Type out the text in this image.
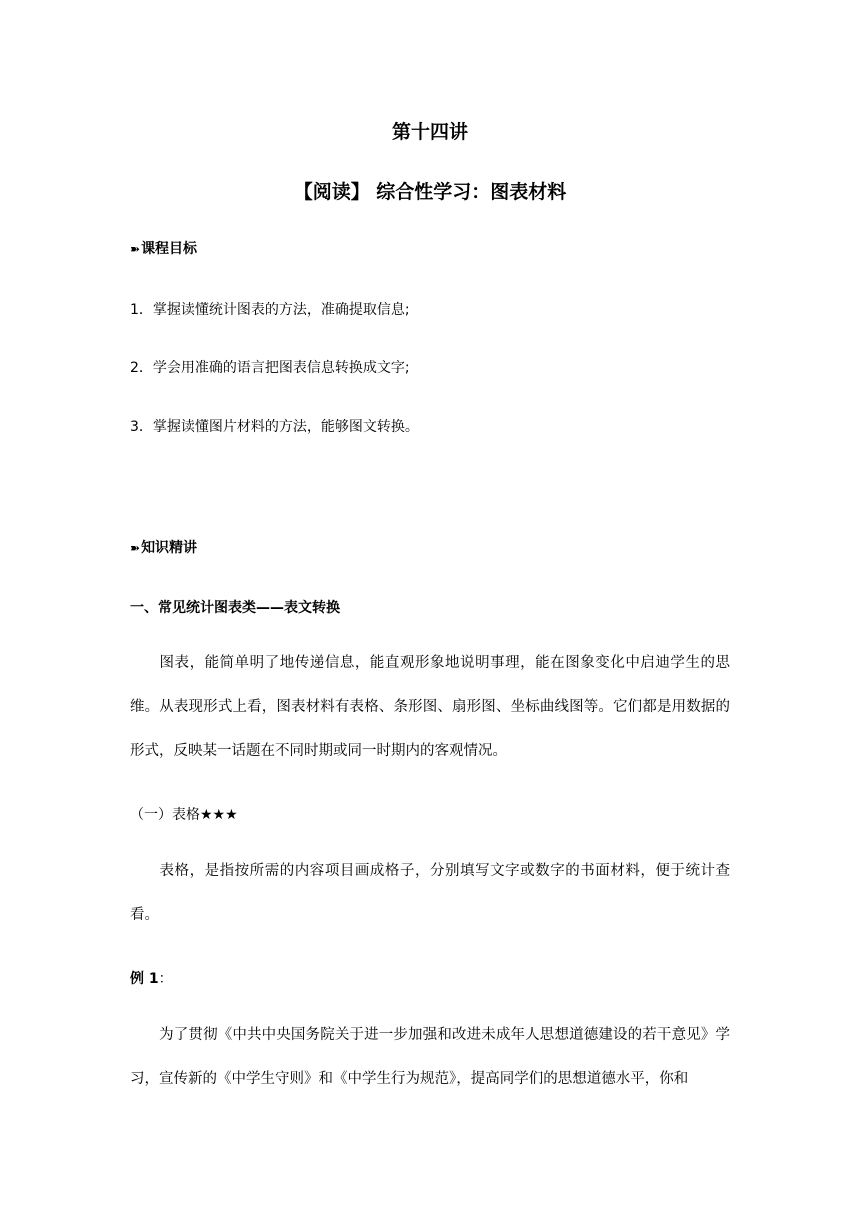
第十四讲
【阅读】 综合性学习：图表材料
➽课程目标
1．掌握读懂统计图表的方法，准确提取信息;
2．学会用准确的语言把图表信息转换成文字;
3．掌握读懂图片材料的方法，能够图文转换。
➽知识精讲
一、常见统计图表类——表文转换
图表，能简单明了地传递信息，能直观形象地说明事理，能在图象变化中启迪学生的思维。从表现形式上看，图表材料有表格、条形图、扇形图、坐标曲线图等。它们都是用数据的形式，反映某一话题在不同时期或同一时期内的客观情况。
（一）表格★★★
表格，是指按所需的内容项目画成格子，分别填写文字或数字的书面材料，便于统计查看。
例 1：
为了贯彻《中共中央国务院关于进一步加强和改进未成年人思想道德建设的若干意见》学习，宣传新的《中学生守则》和《中学生行为规范》，提高同学们的思想道德水平，你和
